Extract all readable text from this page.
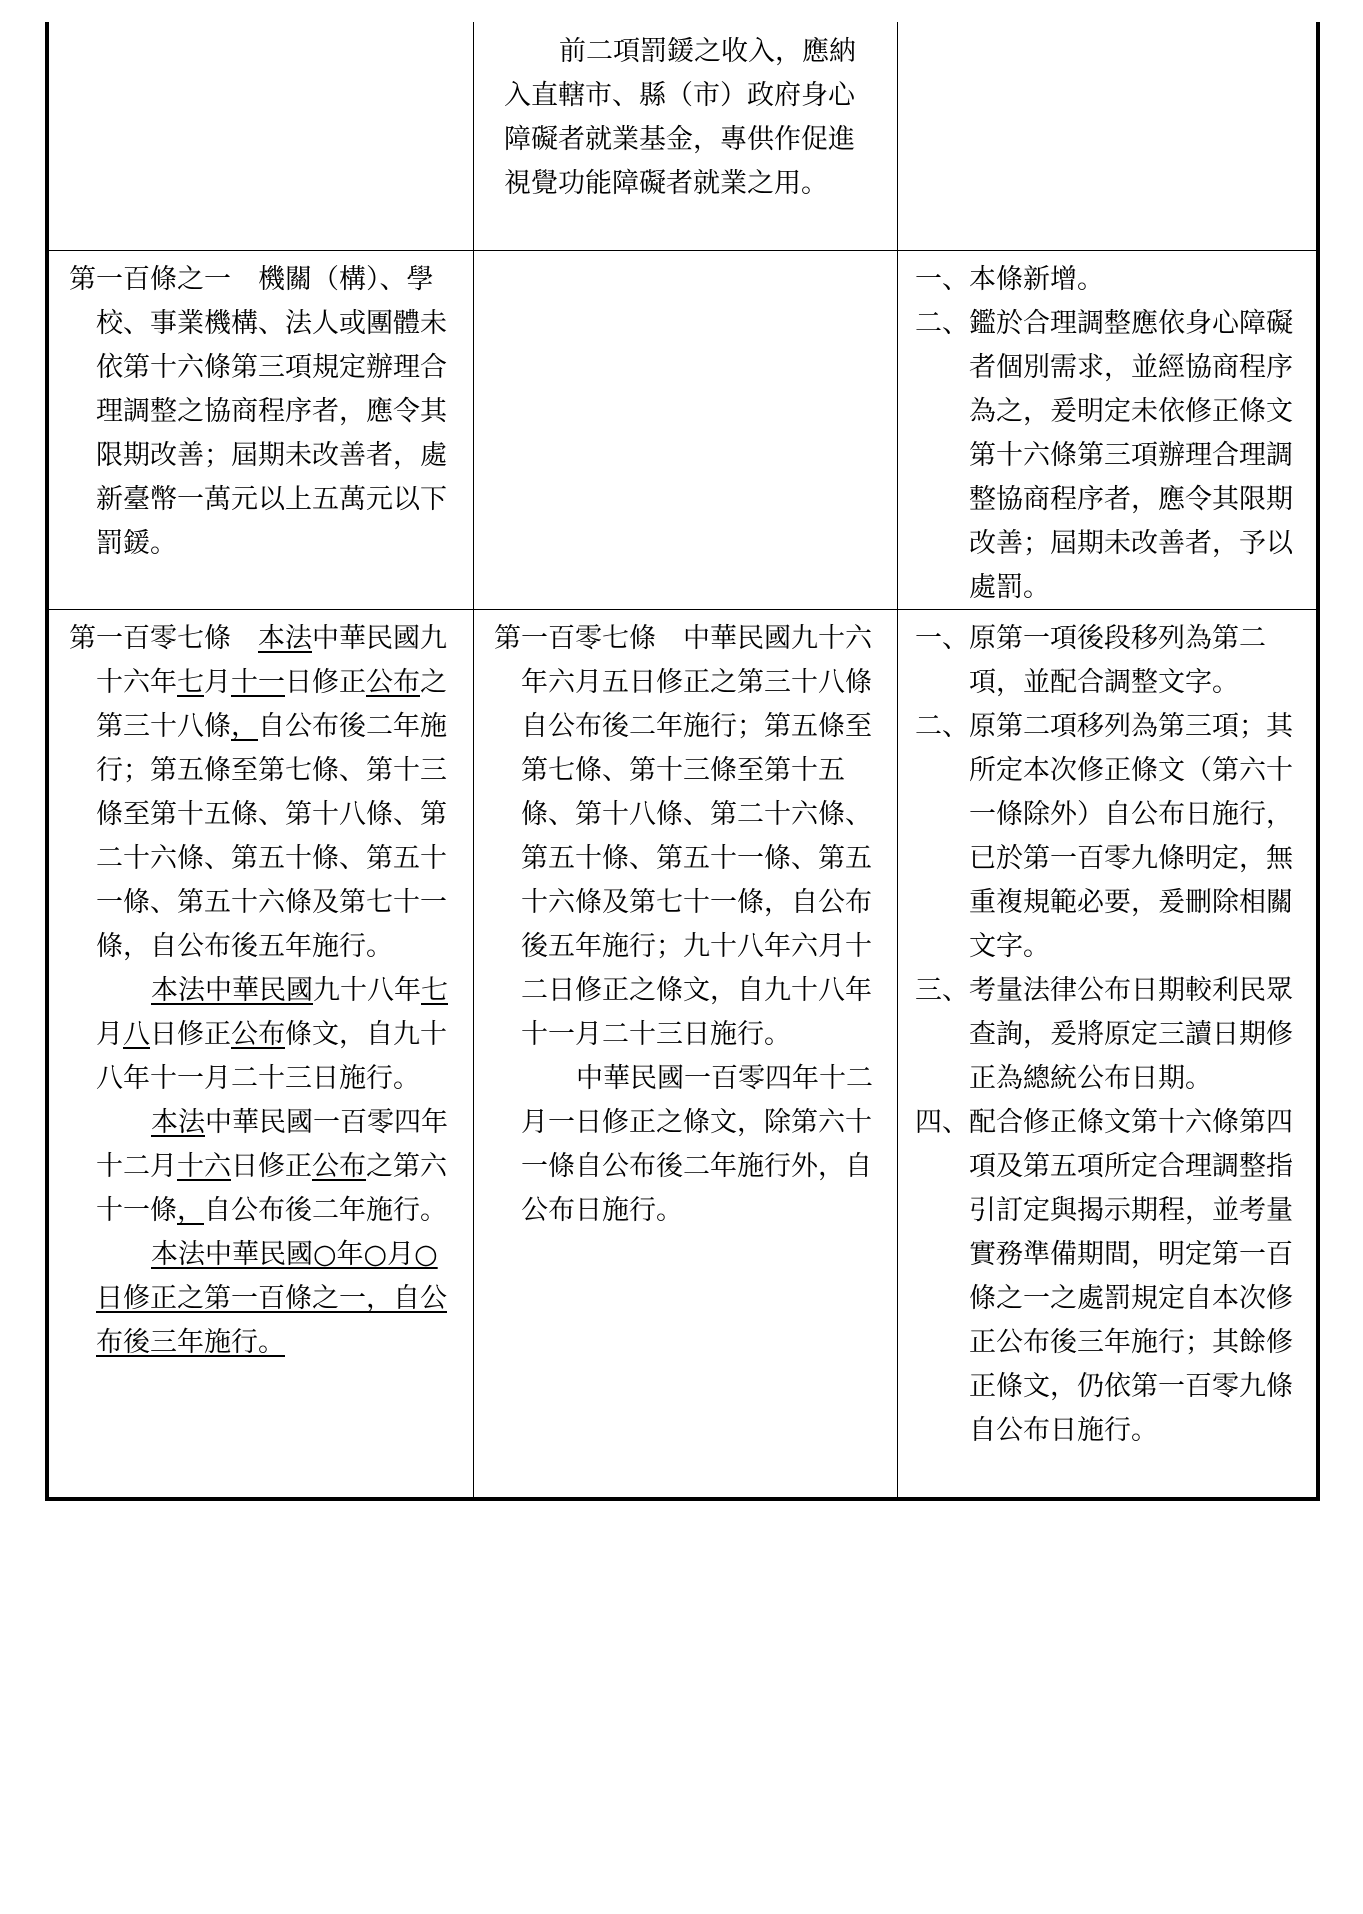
前二項罰鍰之收入，應納入直轄市、縣（市）政府身心障礙者就業基金，專供作促進視覺功能障礙者就業之用。

第一百條之一 機關（構）、學校、事業機構、法人或團體未依第十六條第三項規定辦理合理調整之協商程序者，應令其限期改善；屆期未改善者，處新臺幣一萬元以上五萬元以下罰鍰。

一、本條新增。

二、鑑於合理調整應依身心障礙者個別需求，並經協商程序為之，爰明定未依修正條文第十六條第三項辦理合理調整協商程序者，應令其限期改善；屆期未改善者，予以處罰。

第一百零七條 本法中華民國九十六年七月十一日修正公布之第三十八條，自公布後二年施行；第五條至第七條、第十三條至第十五條、第十八條、第二十六條、第五十條、第五十一條、第五十六條及第七十一條，自公布後五年施行。

本法中華民國九十八年七月八日修正公布條文，自九十八年十一月二十三日施行。

本法中華民國一百零四年十二月十六日修正公布之第六十一條，自公布後二年施行。

本法中華民國○年○月○日修正之第一百條之一，自公布後三年施行。

第一百零七條 中華民國九十六年六月五日修正之第三十八條自公布後二年施行；第五條至第七條、第十三條至第十五條、第十八條、第二十六條、第五十條、第五十一條、第五十六條及第七十一條，自公布後五年施行；九十八年六月十二日修正之條文，自九十八年十一月二十三日施行。

中華民國一百零四年十二月一日修正之條文，除第六十一條自公布後二年施行外，自公布日施行。

一、原第一項後段移列為第二項，並配合調整文字。

二、原第二項移列為第三項；其所定本次修正條文（第六十一條除外）自公布日施行，已於第一百零九條明定，無重複規範必要，爰刪除相關文字。

三、考量法律公布日期較利民眾查詢，爰將原定三讀日期修正為總統公布日期。

四、配合修正條文第十六條第四項及第五項所定合理調整指引訂定與揭示期程，並考量實務準備期間，明定第一百條之一之處罰規定自本次修正公布後三年施行；其餘修正條文，仍依第一百零九條自公布日施行。
